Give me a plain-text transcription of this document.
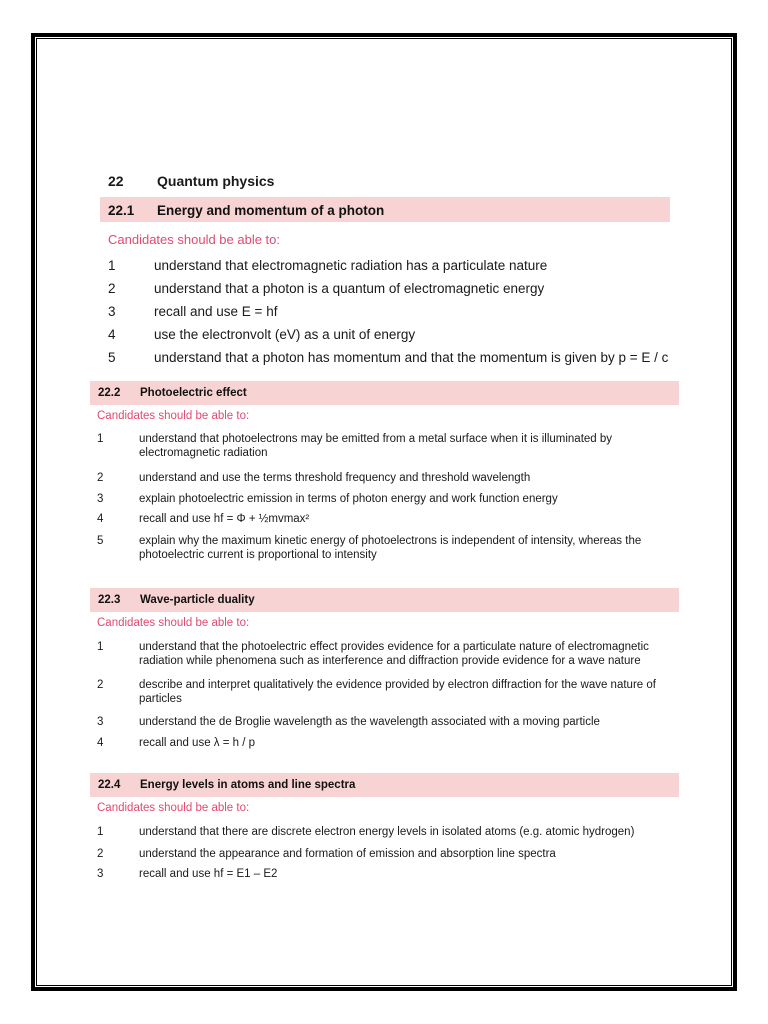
22 Quantum physics
22.1 Energy and momentum of a photon
Candidates should be able to:
1	understand that electromagnetic radiation has a particulate nature
2	understand that a photon is a quantum of electromagnetic energy
3	recall and use E = hf
4	use the electronvolt (eV) as a unit of energy
5	understand that a photon has momentum and that the momentum is given by p = E / c
22.2 Photoelectric effect
Candidates should be able to:
1	understand that photoelectrons may be emitted from a metal surface when it is illuminated by electromagnetic radiation
2	understand and use the terms threshold frequency and threshold wavelength
3	explain photoelectric emission in terms of photon energy and work function energy
4	recall and use hf = Φ + ½mvmax²
5	explain why the maximum kinetic energy of photoelectrons is independent of intensity, whereas the photoelectric current is proportional to intensity
22.3 Wave-particle duality
Candidates should be able to:
1	understand that the photoelectric effect provides evidence for a particulate nature of electromagnetic radiation while phenomena such as interference and diffraction provide evidence for a wave nature
2	describe and interpret qualitatively the evidence provided by electron diffraction for the wave nature of particles
3	understand the de Broglie wavelength as the wavelength associated with a moving particle
4	recall and use λ = h / p
22.4 Energy levels in atoms and line spectra
Candidates should be able to:
1	understand that there are discrete electron energy levels in isolated atoms (e.g. atomic hydrogen)
2	understand the appearance and formation of emission and absorption line spectra
3	recall and use hf = E1 – E2
